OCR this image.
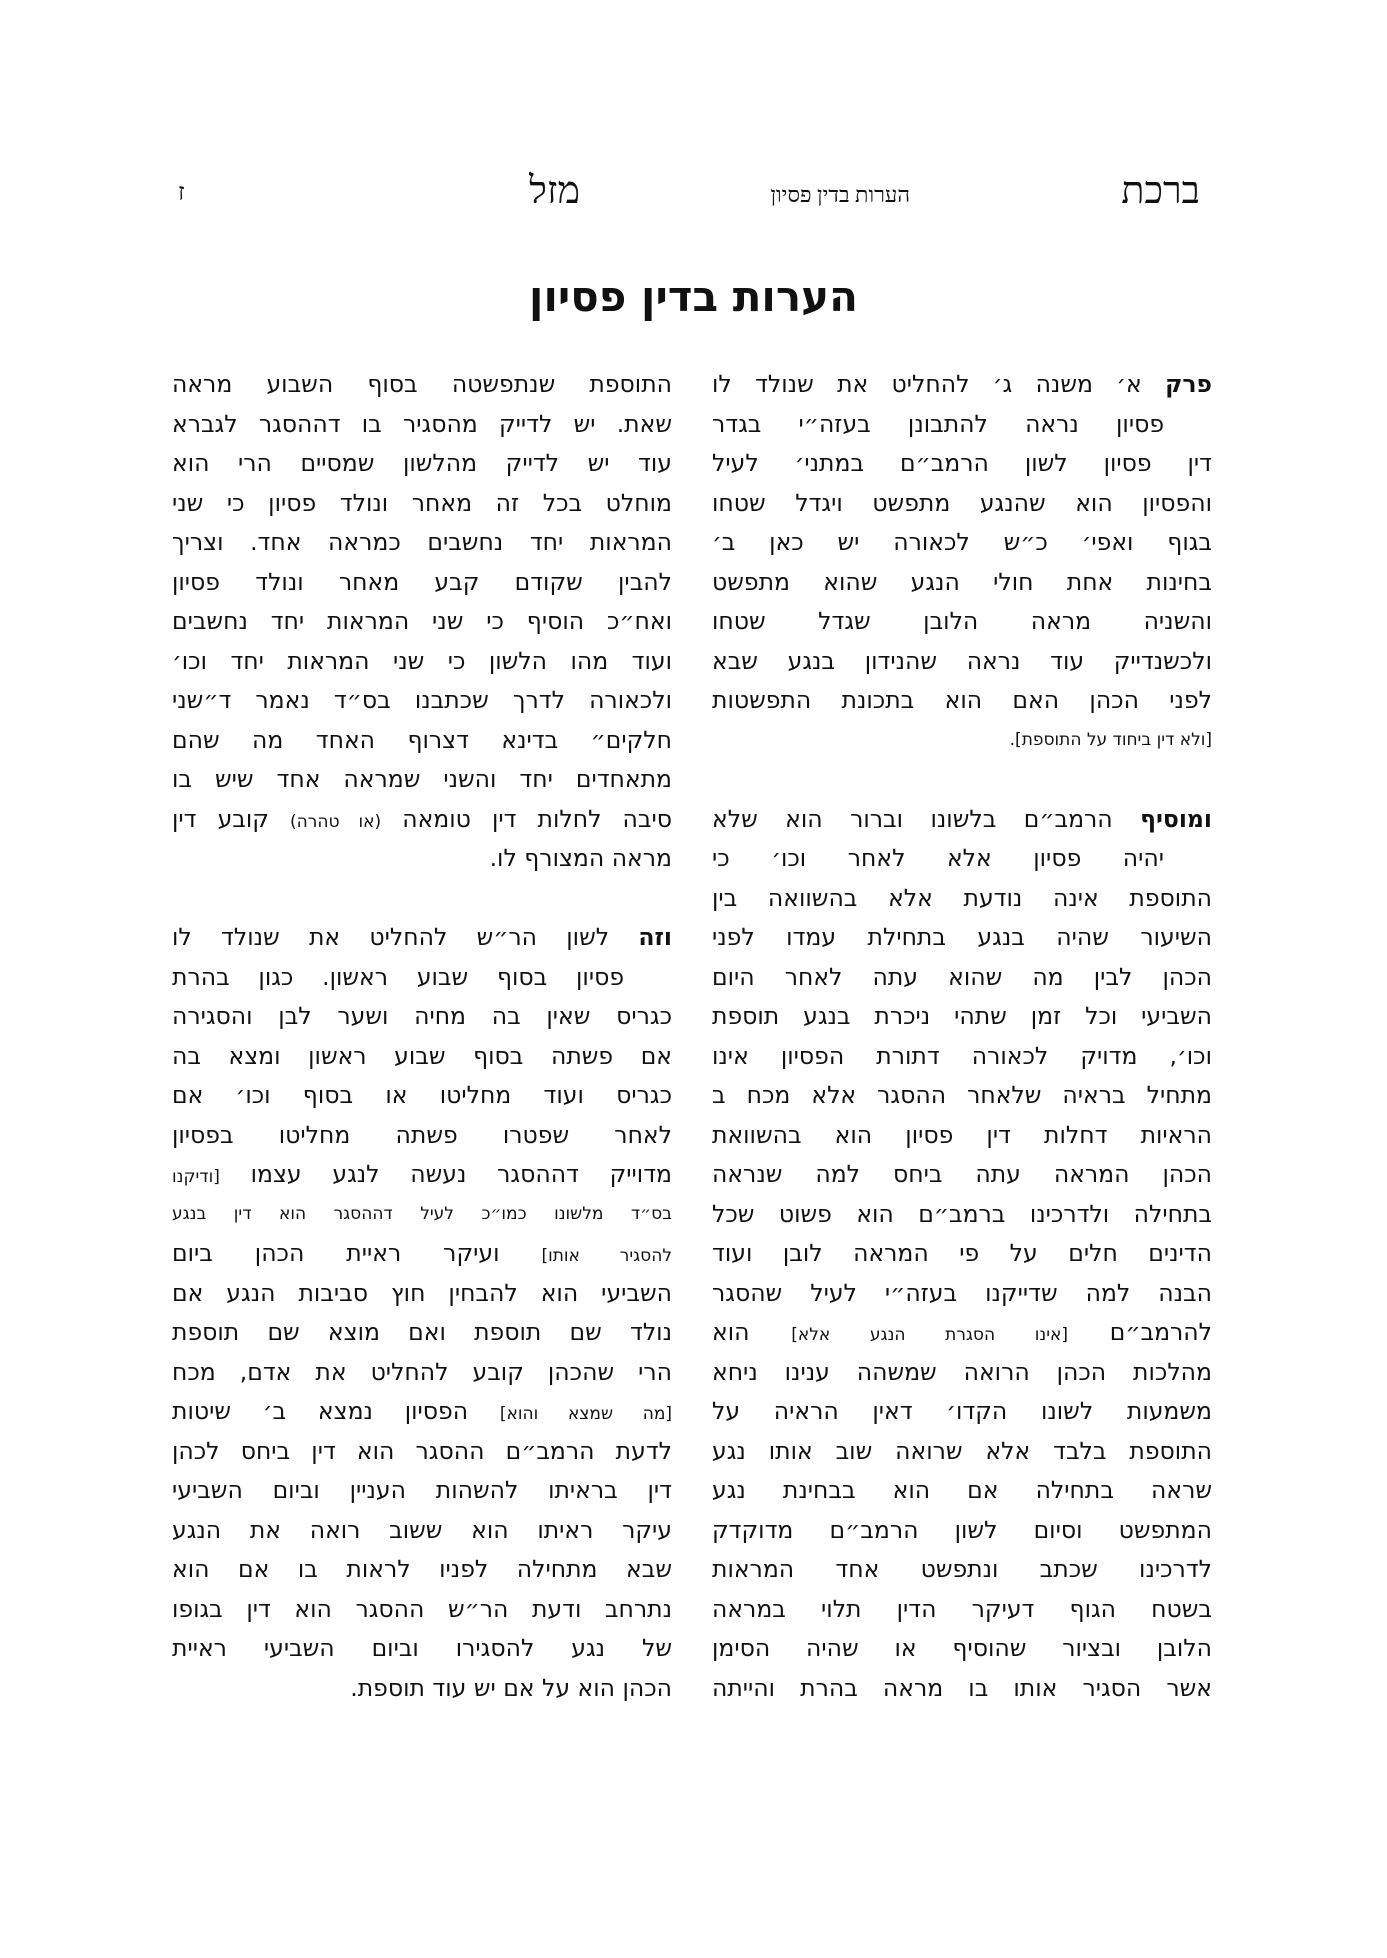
ברכת
הערות בדין פסיון
מזל
ז
הערות בדין פסיון
פרק א׳ משנה ג׳ להחליט את שנולד לו
פסיון נראה להתבונן בעזה״י בגדר
דין פסיון לשון הרמב״ם במתני׳ לעיל
והפסיון הוא שהנגע מתפשט ויגדל שטחו
בגוף ואפי׳ כ״ש לכאורה יש כאן ב׳
בחינות אחת חולי הנגע שהוא מתפשט
והשניה מראה הלובן שגדל שטחו
ולכשנדייק עוד נראה שהנידון בנגע שבא
לפני הכהן האם הוא בתכונת התפשטות
[ולא דין ביחוד על התוספת].
ומוסיף הרמב״ם בלשונו וברור הוא שלא
יהיה פסיון אלא לאחר וכו׳ כי
התוספת אינה נודעת אלא בהשוואה בין
השיעור שהיה בנגע בתחילת עמדו לפני
הכהן לבין מה שהוא עתה לאחר היום
השביעי וכל זמן שתהי ניכרת בנגע תוספת
וכו׳, מדויק לכאורה דתורת הפסיון אינו
מתחיל בראיה שלאחר ההסגר אלא מכח ב
הראיות דחלות דין פסיון הוא בהשוואת
הכהן המראה עתה ביחס למה שנראה
בתחילה ולדרכינו ברמב״ם הוא פשוט שכל
הדינים חלים על פי המראה לובן ועוד
הבנה למה שדייקנו בעזה״י לעיל שהסגר
להרמב״ם [אינו הסגרת הנגע אלא] הוא
מהלכות הכהן הרואה שמשהה ענינו ניחא
משמעות לשונו הקדו׳ דאין הראיה על
התוספת בלבד אלא שרואה שוב אותו נגע
שראה בתחילה אם הוא בבחינת נגע
המתפשט וסיום לשון הרמב״ם מדוקדק
לדרכינו שכתב ונתפשט אחד המראות
בשטח הגוף דעיקר הדין תלוי במראה
הלובן ובציור שהוסיף או שהיה הסימן
אשר הסגיר אותו בו מראה בהרת והייתה
התוספת שנתפשטה בסוף השבוע מראה
שאת. יש לדייק מהסגיר בו דההסגר לגברא
עוד יש לדייק מהלשון שמסיים הרי הוא
מוחלט בכל זה מאחר ונולד פסיון כי שני
המראות יחד נחשבים כמראה אחד. וצריך
להבין שקודם קבע מאחר ונולד פסיון
ואח״כ הוסיף כי שני המראות יחד נחשבים
ועוד מהו הלשון כי שני המראות יחד וכו׳
ולכאורה לדרך שכתבנו בס״ד נאמר ד״שני
חלקים״ בדינא דצרוף האחד מה שהם
מתאחדים יחד והשני שמראה אחד שיש בו
סיבה לחלות דין טומאה (או טהרה) קובע דין
מראה המצורף לו.
וזה לשון הר״ש להחליט את שנולד לו
פסיון בסוף שבוע ראשון. כגון בהרת
כגריס שאין בה מחיה ושער לבן והסגירה
אם פשתה בסוף שבוע ראשון ומצא בה
כגריס ועוד מחליטו או בסוף וכו׳ אם
לאחר שפטרו פשתה מחליטו בפסיון
מדוייק דההסגר נעשה לנגע עצמו [ודיקנו
בס״ד מלשונו כמו״כ לעיל דההסגר הוא דין בנגע
להסגיר אותו] ועיקר ראיית הכהן ביום
השביעי הוא להבחין חוץ סביבות הנגע אם
נולד שם תוספת ואם מוצא שם תוספת
הרי שהכהן קובע להחליט את אדם, מכח
[מה שמצא והוא] הפסיון נמצא ב׳ שיטות
לדעת הרמב״ם ההסגר הוא דין ביחס לכהן
דין בראיתו להשהות העניין וביום השביעי
עיקר ראיתו הוא ששוב רואה את הנגע
שבא מתחילה לפניו לראות בו אם הוא
נתרחב ודעת הר״ש ההסגר הוא דין בגופו
של נגע להסגירו וביום השביעי ראיית
הכהן הוא על אם יש עוד תוספת.
